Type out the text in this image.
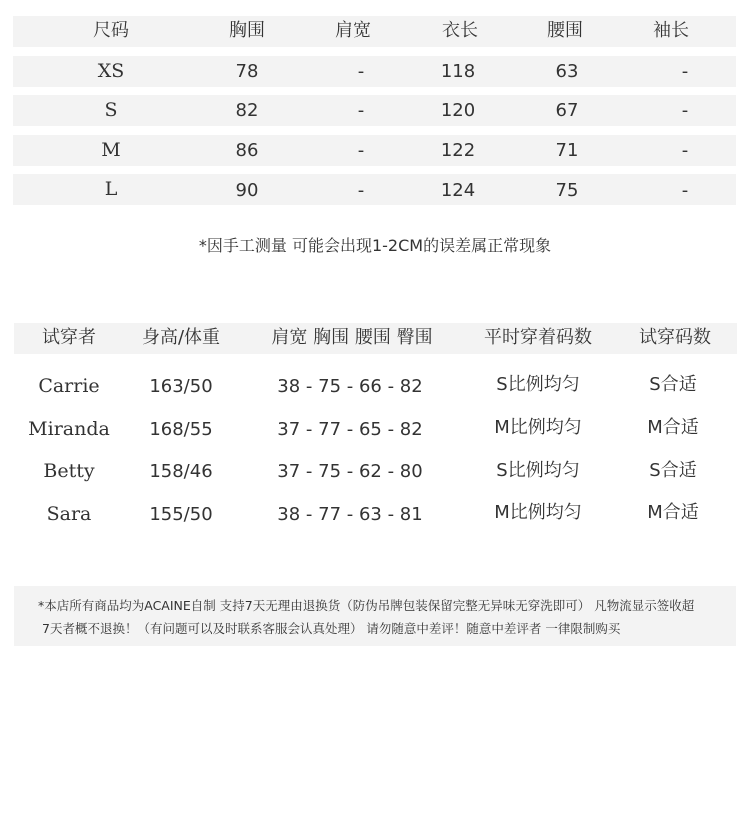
尺码	胸围	肩宽	衣长	腰围	袖长
XS	78	-	118	63	-
S	82	-	120	67	-
M	86	-	122	71	-
L	90	-	124	75	-
*因手工测量 可能会出现1-2CM的误差属正常现象
试穿者	身高/体重	肩宽 胸围 腰围 臀围	平时穿着码数	试穿码数
Carrie	163/50	38 - 75 - 66 - 82	S比例均匀	S合适
Miranda	168/55	37 - 77 - 65 - 82	M比例均匀	M合适
Betty	158/46	37 - 75 - 62 - 80	S比例均匀	S合适
Sara	155/50	38 - 77 - 63 - 81	M比例均匀	M合适
*本店所有商品均为ACAINE自制 支持7天无理由退换货（防伪吊牌包装保留完整无异味无穿洗即可） 凡物流显示签收超
7天者概不退换！（有问题可以及时联系客服会认真处理） 请勿随意中差评！随意中差评者 一律限制购买
